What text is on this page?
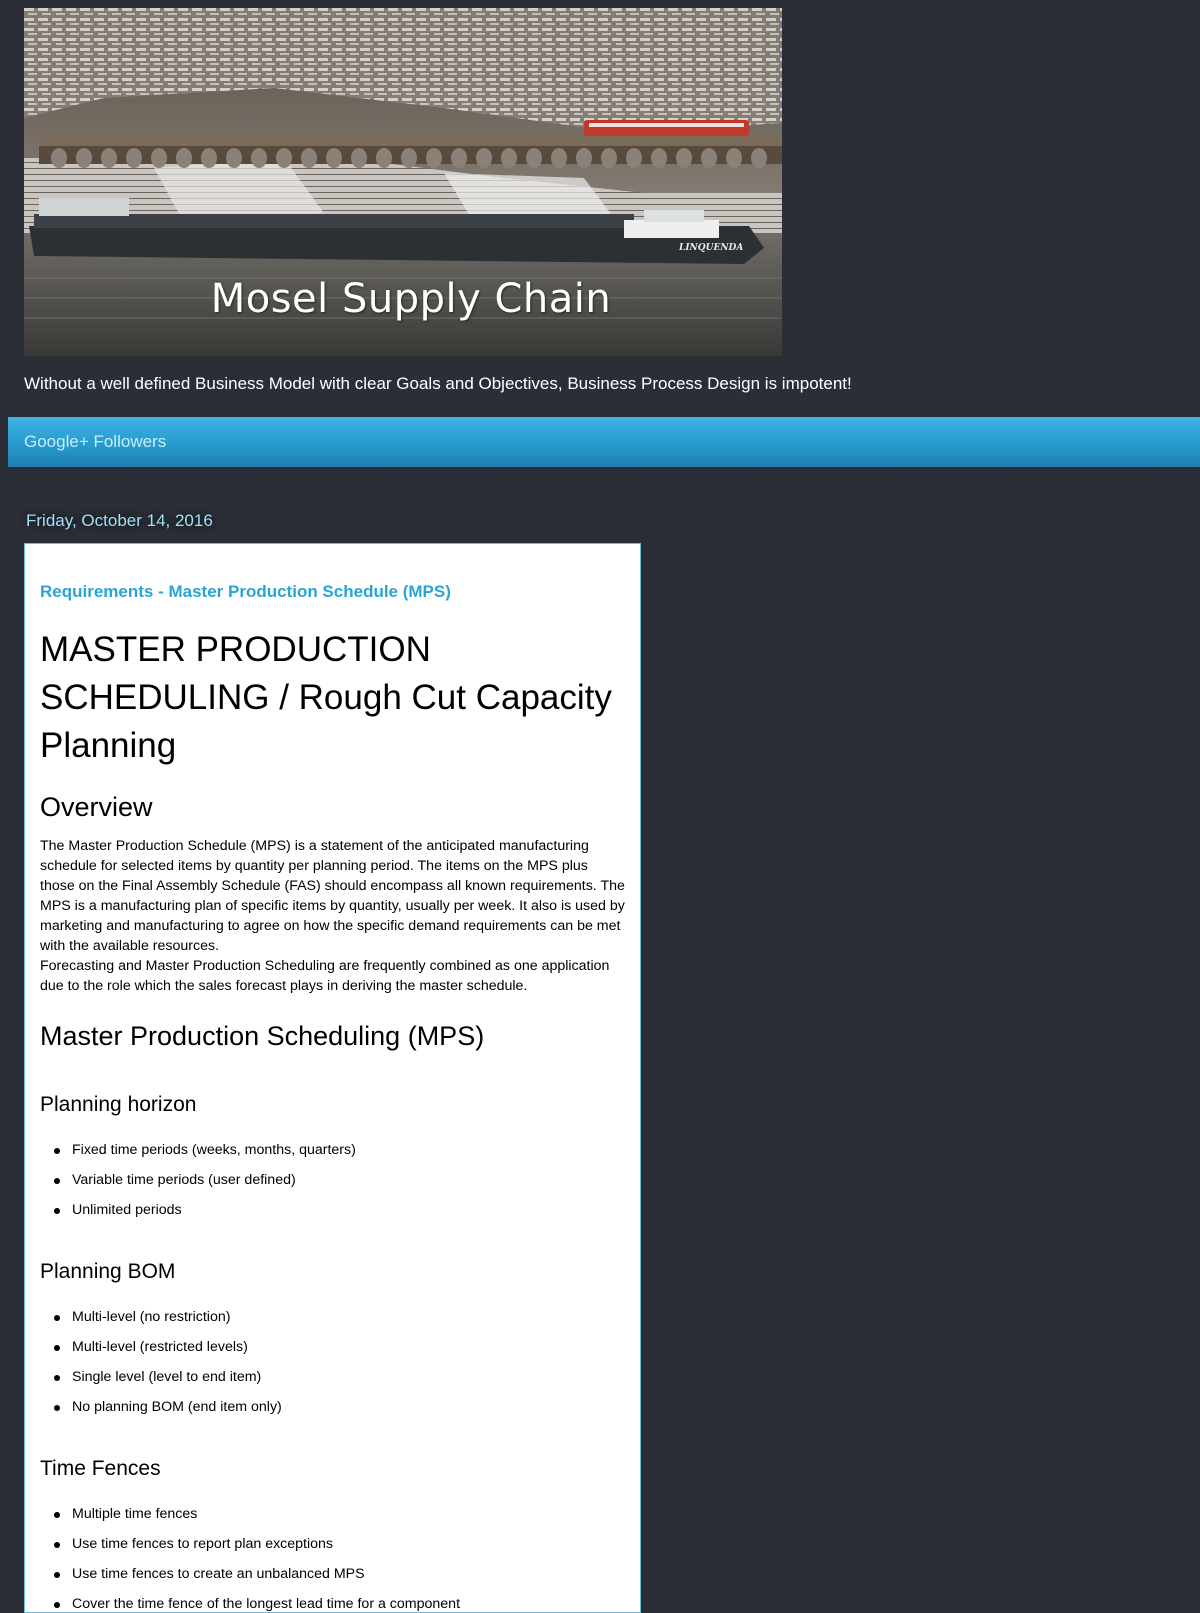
LINQUENDA
Mosel Supply Chain
Without a well defined Business Model with clear Goals and Objectives, Business Process Design is impotent!
Google+ Followers
Friday, October 14, 2016
Requirements - Master Production Schedule (MPS)
MASTER PRODUCTION SCHEDULING / Rough Cut Capacity Planning
Overview

The Master Production Schedule (MPS) is a statement of the anticipated manufacturing schedule for selected items by quantity per planning period. The items on the MPS plus those on the Final Assembly Schedule (FAS) should encompass all known requirements. The MPS is a manufacturing plan of specific items by quantity, usually per week. It also is used by marketing and manufacturing to agree on how the specific demand requirements can be met with the available resources.

Forecasting and Master Production Scheduling are frequently combined as one application due to the role which the sales forecast plays in deriving the master schedule.

Master Production Scheduling (MPS)
Planning horizon
Fixed time periods (weeks, months, quarters)
Variable time periods (user defined)
Unlimited periods
Planning BOM
Multi-level (no restriction)
Multi-level (restricted levels)
Single level (level to end item)
No planning BOM (end item only)
Time Fences
Multiple time fences
Use time fences to report plan exceptions
Use time fences to create an unbalanced MPS
Cover the time fence of the longest lead time for a component
